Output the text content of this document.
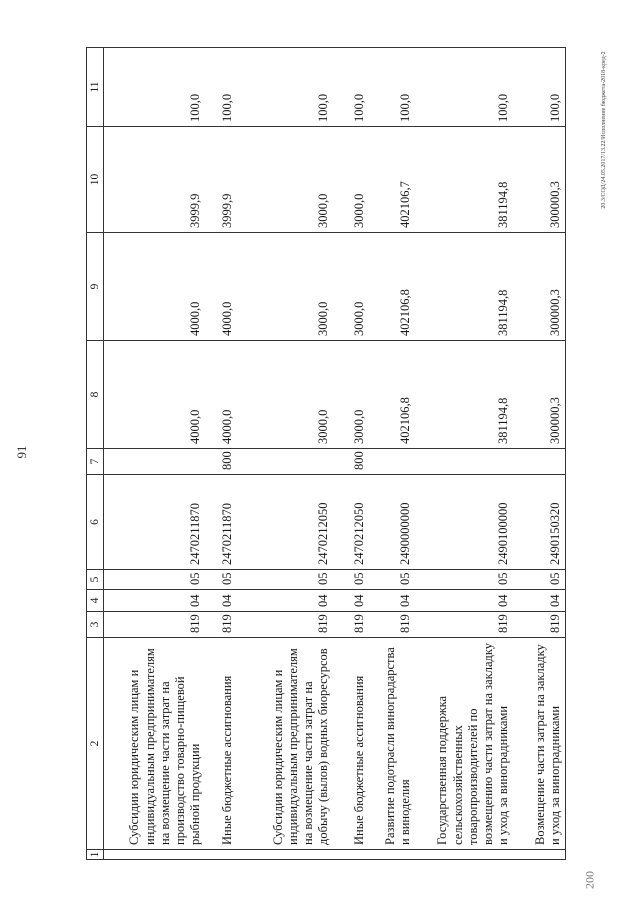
91
20.3/СОД/24.05.2017/13.22/Исполнение бюджета-2018-кред-2
200
1	2	3	4	5	6	7	8	9	10	11
	Субсидии юридическим лицам и индивидуальным предпринимателям на возмещение части затрат на производство товарно-пищевой рыбной продукции	819	04	05	2470211870		4000,0	4000,0	3999,9	100,0
	Иные бюджетные ассигнования	819	04	05	2470211870	800	4000,0	4000,0	3999,9	100,0
	Субсидии юридическим лицам и индивидуальным предпринимателям на возмещение части затрат на добычу (вылов) водных биоресурсов	819	04	05	2470212050		3000,0	3000,0	3000,0	100,0
	Иные бюджетные ассигнования	819	04	05	2470212050	800	3000,0	3000,0	3000,0	100,0
	Развитие подотрасли виноградарства и виноделия	819	04	05	2490000000		402106,8	402106,8	402106,7	100,0
	Государственная поддержка сельскохозяйственных товаропроизводителей по возмещению части затрат на закладку и уход за виноградниками	819	04	05	2490100000		381194,8	381194,8	381194,8	100,0
	Возмещение части затрат на закладку и уход за виноградниками	819	04	05	2490150320		300000,3	300000,3	300000,3	100,0
